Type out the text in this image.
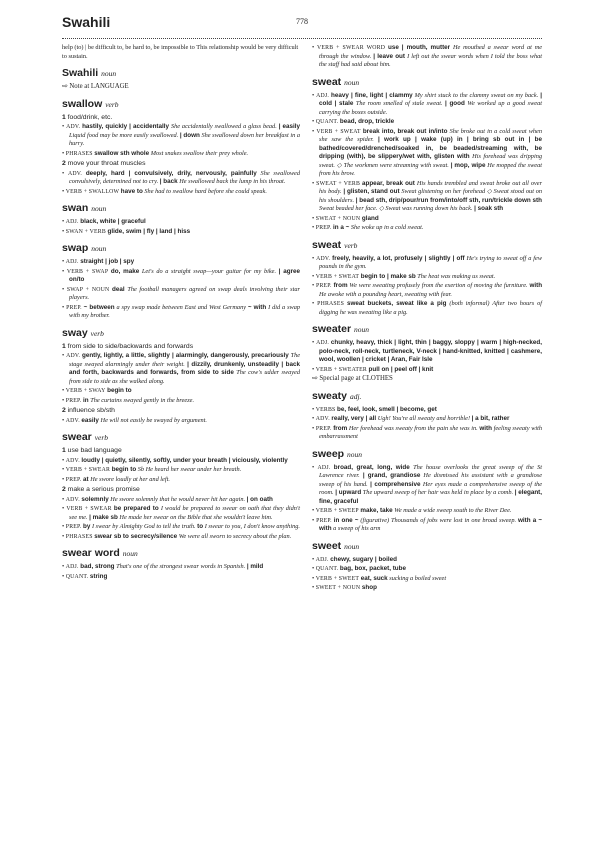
Swahili	778
help (to) | be difficult to, be hard to, be impossible to This relationship would be very difficult to sustain.
Swahili noun
⇨ Note at LANGUAGE
swallow verb
1 food/drink, etc.
• ADV. hastily, quickly | accidentally She accidentally swallowed a glass bead. | easily Liquid food may be more easily swallowed. | down She swallowed down her breakfast in a hurry.
• PHRASES swallow sth whole Most snakes swallow their prey whole.
2 move your throat muscles
• ADV. deeply, hard | convulsively, drily, nervously, painfully She swallowed convulsively, determined not to cry. | back He swallowed back the lump in his throat.
• VERB + SWALLOW have to She had to swallow hard before she could speak.
swan noun
• ADJ. black, white | graceful
• SWAN + VERB glide, swim | fly | land | hiss
swap noun
• ADJ. straight | job | spy
• VERB + SWAP do, make Let's do a straight swap—your guitar for my bike. | agree on/to
• SWAP + NOUN deal The football managers agreed on swap deals involving their star players.
• PREP. ~ between a spy swap made between East and West Germany ~ with I did a swap with my brother.
sway verb
1 from side to side/backwards and forwards
• ADV. gently, lightly, a little, slightly | alarmingly, dangerously, precariously The stage swayed alarmingly under their weight. | dizzily, drunkenly, unsteadily | back and forth, backwards and forwards, from side to side The cow's udder swayed from side to side as she walked along.
• VERB + SWAY begin to
• PREP. in The curtains swayed gently in the breeze.
2 influence sb/sth
• ADV. easily He will not easily be swayed by argument.
swear verb
1 use bad language
• ADV. loudly | quietly, silently, softly, under your breath | viciously, violently
• VERB + SWEAR begin to Sb He heard her swear under her breath.
• PREP. at He swore loudly at her and left.
2 make a serious promise
• ADV. solemnly He swore solemnly that he would never hit her again. | on oath
• VERB + SWEAR be prepared to I would be prepared to swear on oath that they didn't see me. | make sb He made her swear on the Bible that she wouldn't leave him.
• PREP. by I swear by Almighty God to tell the truth. to I swear to you, I don't know anything.
• PHRASES swear sb to secrecy/silence We were all sworn to secrecy about the plan.
swear word noun
• ADJ. bad, strong That's one of the strongest swear words in Spanish. | mild
• QUANT. string
• VERB + SWEAR WORD use | mouth, mutter He mouthed a swear word at me through the window. | leave out I left out the swear words when I told the boss what the staff had said about him.
sweat noun
• ADJ. heavy | fine, light | clammy My shirt stuck to the clammy sweat on my back. | cold | stale The room smelled of stale sweat. | good We worked up a good sweat carrying the boxes outside.
• QUANT. bead, drop, trickle
• VERB + SWEAT break into, break out in/into She broke out in a cold sweat when she saw the spider. | work up | wake (up) in | bring sb out in | be bathed/covered/drenched/soaked in, be beaded/streaming with, be dripping (with), be slippery/wet with, glisten with His forehead was dripping sweat. ◇ The workmen were streaming with sweat. | mop, wipe He mopped the sweat from his brow.
• SWEAT + VERB appear, break out His hands trembled and sweat broke out all over his body. | glisten, stand out Sweat glistening on her forehead ◇ Sweat stood out on his shoulders. | bead sth, drip/pour/run from/into/off sth, run/trickle down sth Sweat beaded her face. ◇ Sweat was running down his back. | soak sth
• SWEAT + NOUN gland
• PREP. in a ~ She woke up in a cold sweat.
sweat verb
• ADV. freely, heavily, a lot, profusely | slightly | off He's trying to sweat off a few pounds in the gym.
• VERB + SWEAT begin to | make sb The heat was making us sweat.
• PREP. from We were sweating profusely from the exertion of moving the furniture. with He awoke with a pounding heart, sweating with fear.
• PHRASES sweat buckets, sweat like a pig (both informal) After two hours of digging he was sweating like a pig.
sweater noun
• ADJ. chunky, heavy, thick | light, thin | baggy, sloppy | warm | high-necked, polo-neck, roll-neck, turtleneck, V-neck | hand-knitted, knitted | cashmere, wool, woollen | cricket | Aran, Fair Isle
• VERB + SWEATER pull on | peel off | knit
⇨ Special page at CLOTHES
sweaty adj.
• VERBS be, feel, look, smell | become, get
• ADV. really, very | all Ugh! You're all sweaty and horrible! | a bit, rather
• PREP. from Her forehead was sweaty from the pain she was in. with feeling sweaty with embarrassment
sweep noun
• ADJ. broad, great, long, wide The house overlooks the great sweep of the St Lawrence river. | grand, grandiose He dismissed his assistant with a grandiose sweep of his hand. | comprehensive Her eyes made a comprehensive sweep of the room. | upward The upward sweep of her hair was held in place by a comb. | elegant, fine, graceful
• VERB + SWEEP make, take We made a wide sweep south to the River Dee.
• PREP. in one ~ (figurative) Thousands of jobs were lost in one broad sweep. with a ~ with a sweep of his arm
sweet noun
• ADJ. chewy, sugary | boiled
• QUANT. bag, box, packet, tube
• VERB + SWEET eat, suck sucking a boiled sweet
• SWEET + NOUN shop
